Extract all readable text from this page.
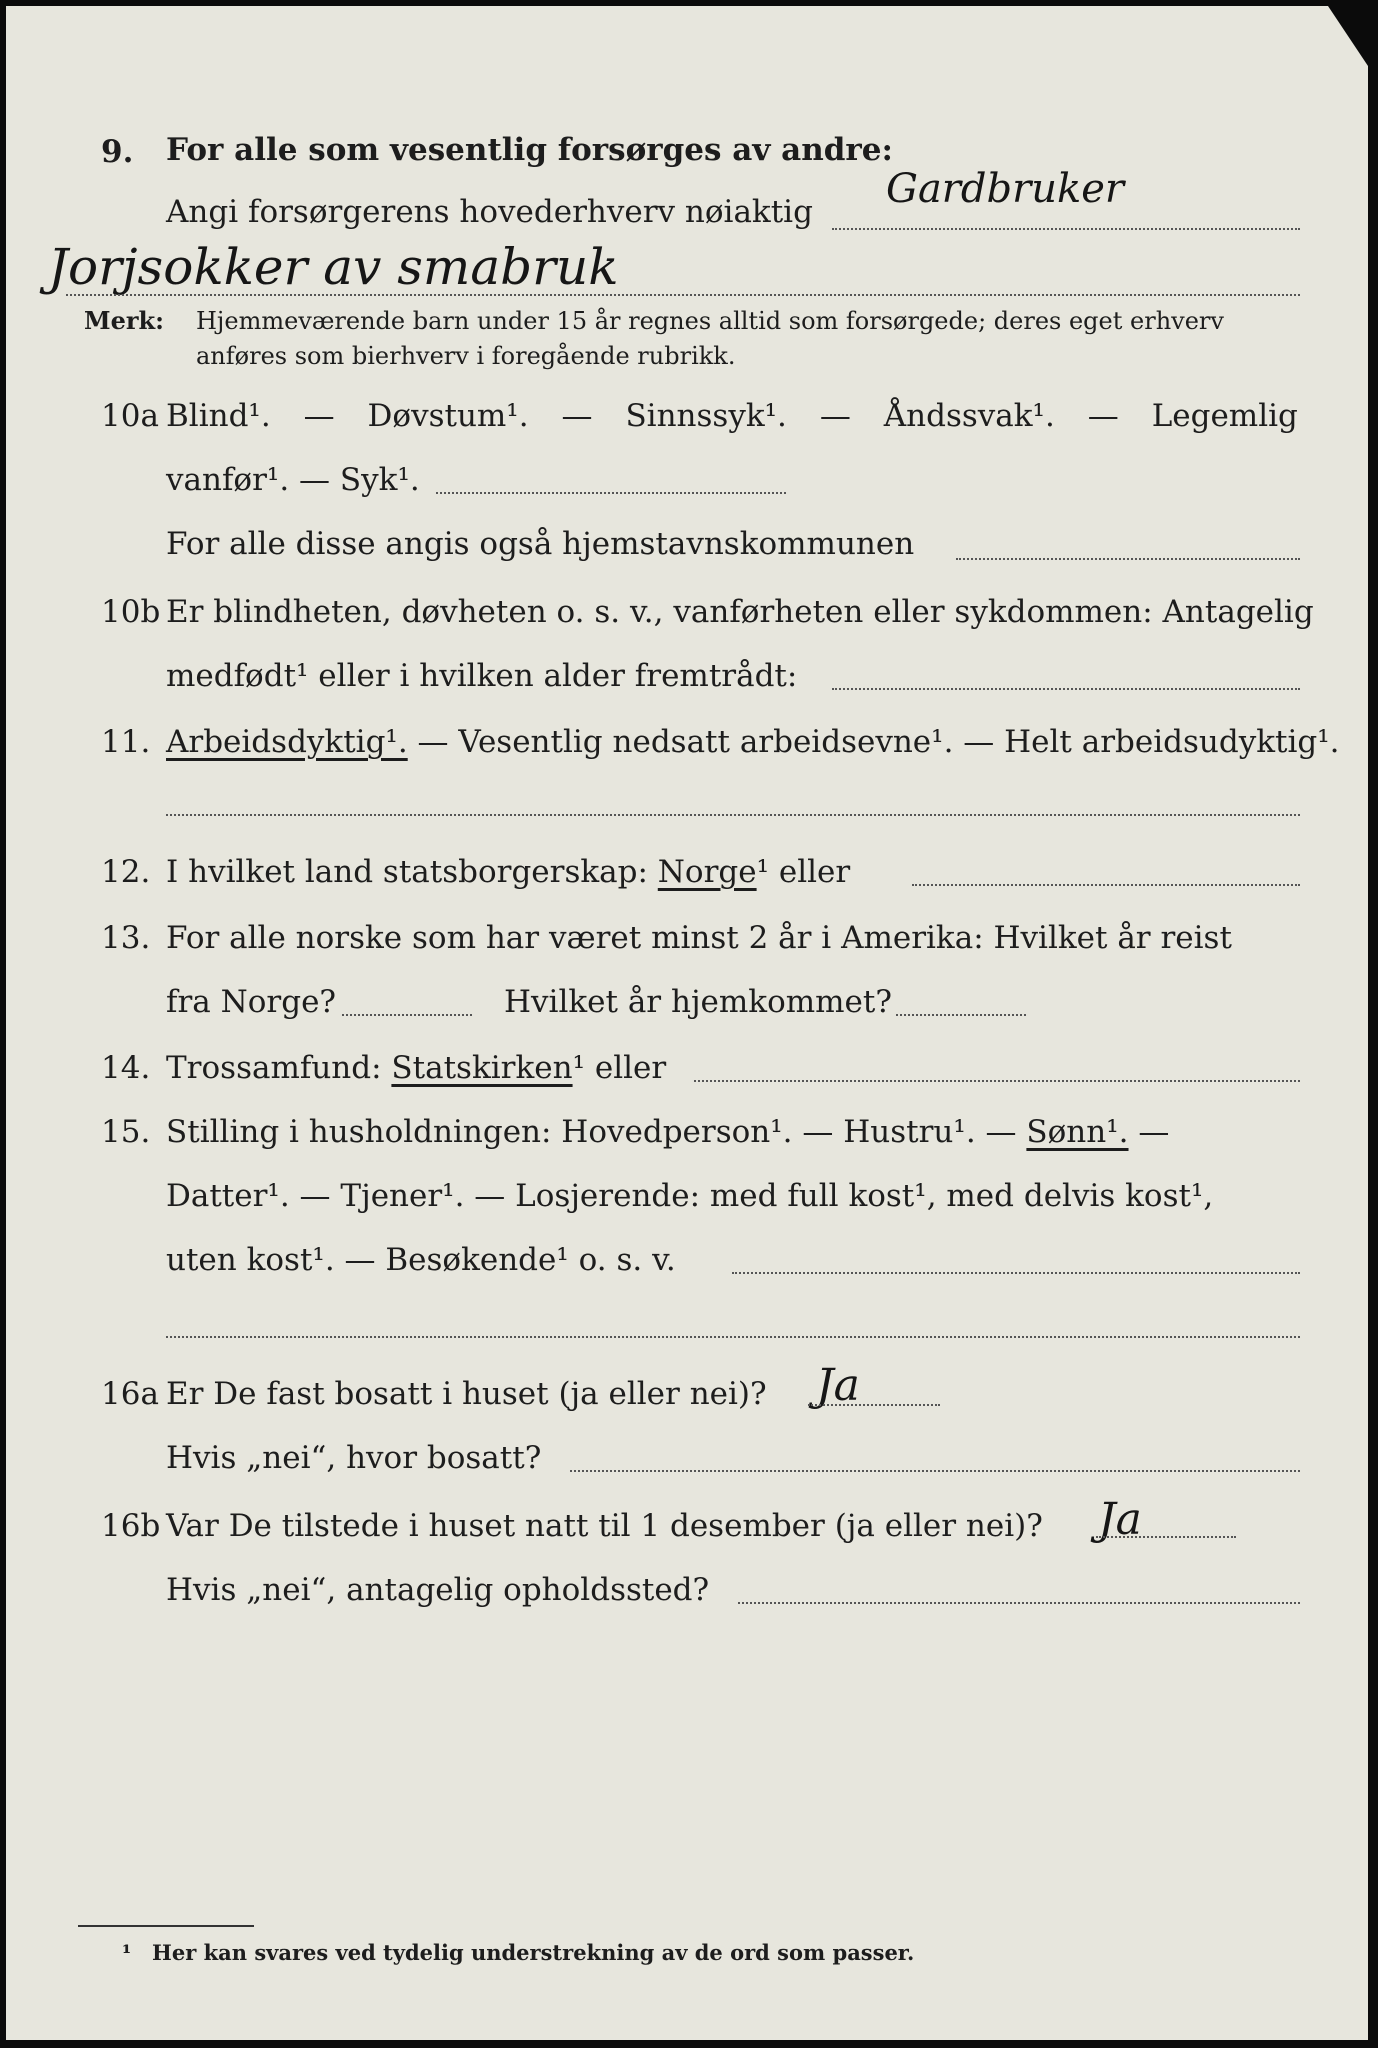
9. For alle som vesentlig forsørges av andre:
Angi forsørgerens hovederhverv nøiaktig Gardbruker
Jorjsokker av smabruk
Merk: Hjemmeværende barn under 15 år regnes alltid som forsørgede; deres eget erhverv
anføres som bierhverv i foregående rubrikk.
10a Blind¹. — Døvstum¹. — Sinnssyk¹. — Åndssvak¹. — Legemlig
vanfør¹. — Syk¹.
For alle disse angis også hjemstavnskommunen
10b Er blindheten, døvheten o. s. v., vanførheten eller sykdommen: Antagelig
medfødt¹ eller i hvilken alder fremtrådt:
11. Arbeidsdyktig¹. — Vesentlig nedsatt arbeidsevne¹. — Helt arbeidsudyktig¹.
12. I hvilket land statsborgerskap: Norge¹ eller
13. For alle norske som har været minst 2 år i Amerika: Hvilket år reist
fra Norge?	Hvilket år hjemkommet?
14. Trossamfund: Statskirken¹ eller
15. Stilling i husholdningen: Hovedperson¹. — Hustru¹. — Sønn¹. —
Datter¹. — Tjener¹. — Losjerende: med full kost¹, med delvis kost¹,
uten kost¹. — Besøkende¹ o. s. v.
16a Er De fast bosatt i huset (ja eller nei)? Ja
Hvis „nei“, hvor bosatt?
16b Var De tilstede i huset natt til 1 desember (ja eller nei)? Ja
Hvis „nei“, antagelig opholdssted?
¹ Her kan svares ved tydelig understrekning av de ord som passer.
